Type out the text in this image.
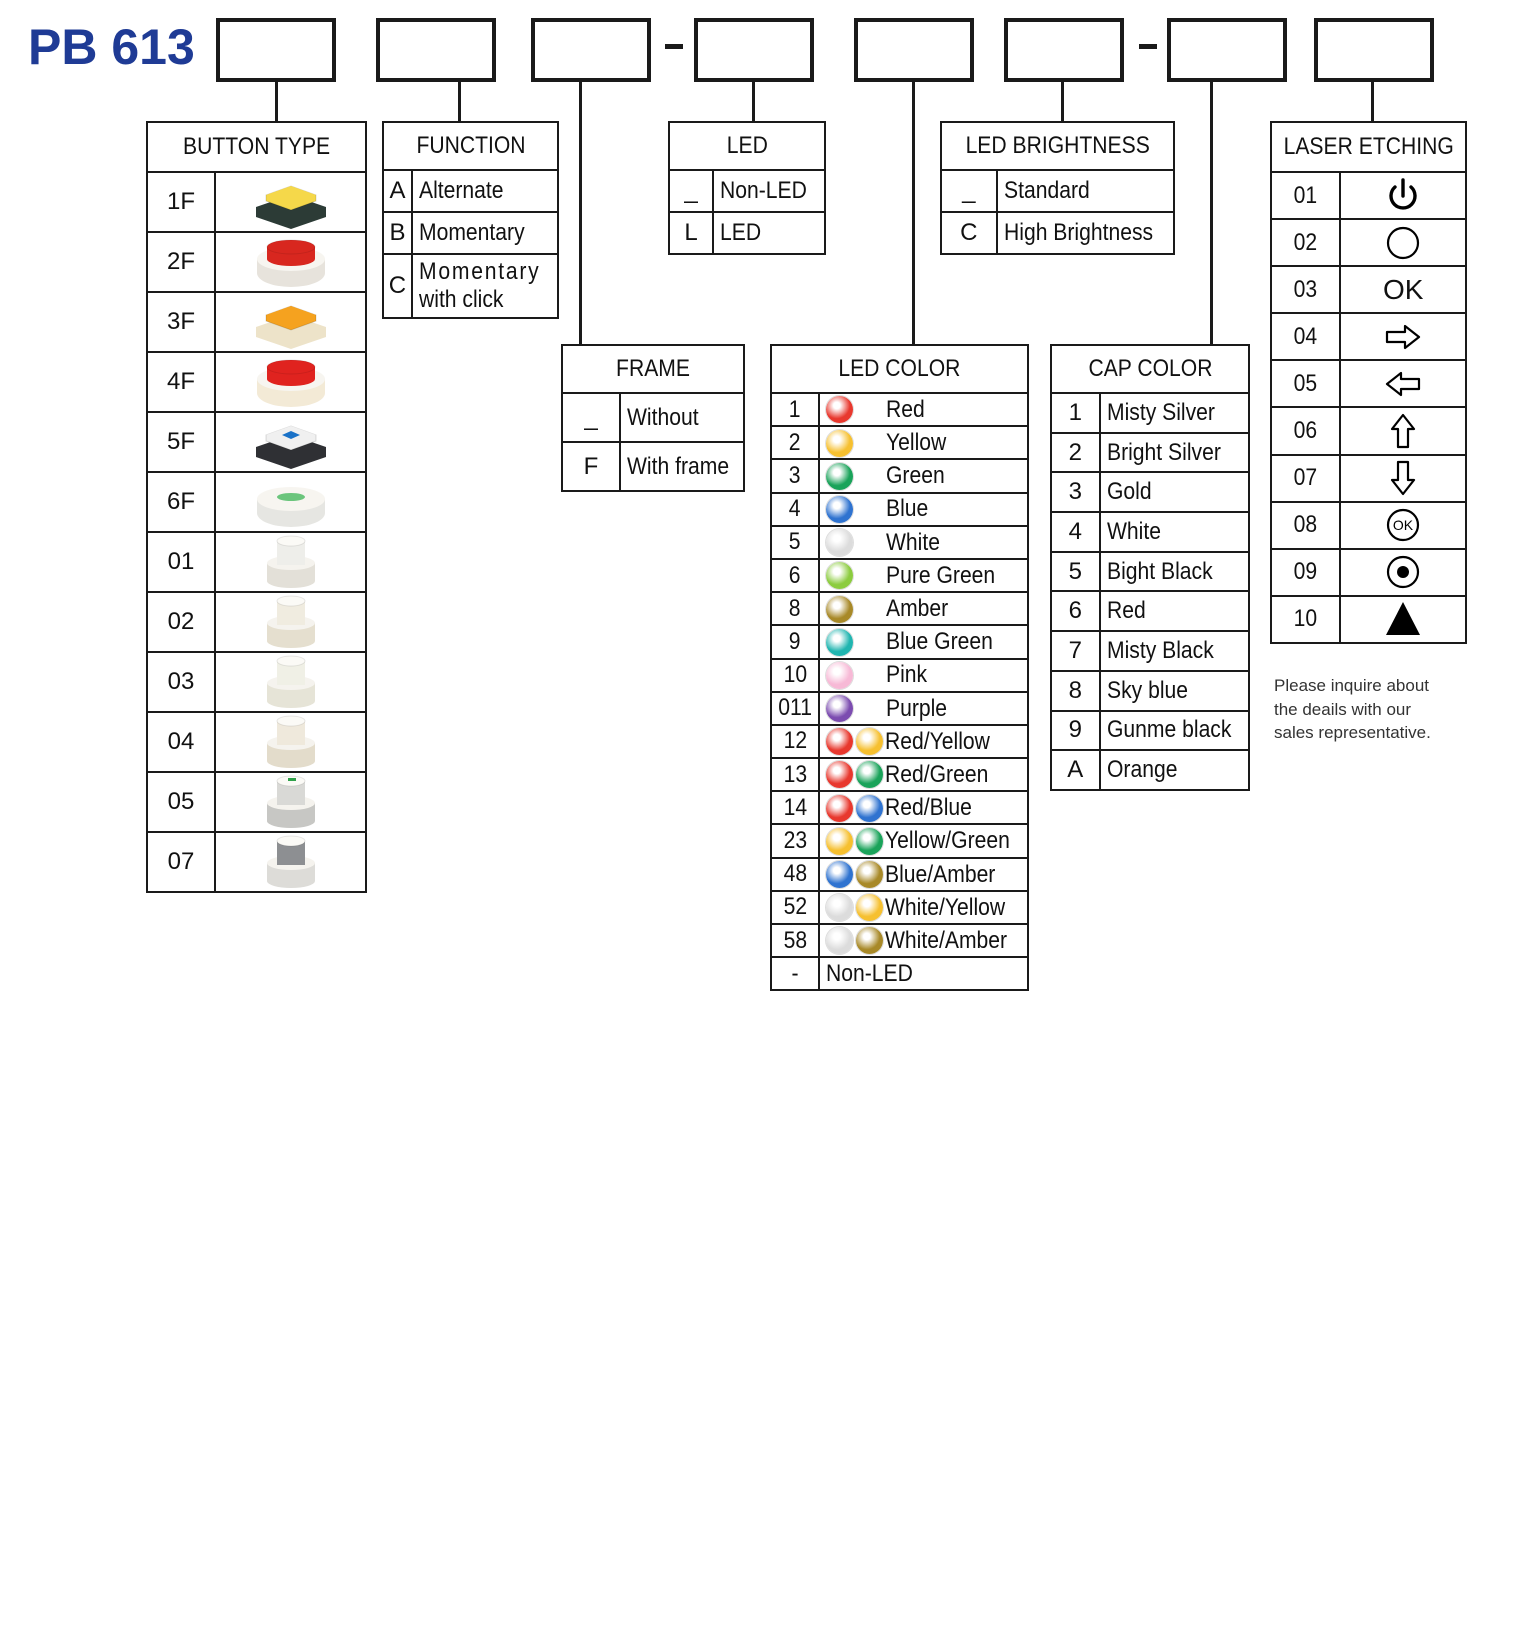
PB 613
BUTTON TYPE	
1F	

2F	

3F	

4F	

5F	

6F	

01	

02	

03	

04	

05	

07	
FUNCTION	
A	Alternate
B	Momentary
C	Momentary
with click
FRAME	
_	Without
F	With frame
LED	
_	Non-LED
L	LED
LED COLOR	
1	Red
2	Yellow
3	Green
4	Blue
5	White
6	Pure Green
8	Amber
9	Blue Green
10	Pink
011	Purple
12	Red/Yellow
13	Red/Green
14	Red/Blue
23	Yellow/Green
48	Blue/Amber
52	White/Yellow
58	White/Amber
-	Non-LED
LED BRIGHTNESS	
_	Standard
C	High Brightness
CAP COLOR	
1	Misty Silver
2	Bright Silver
3	Gold
4	White
5	Bight Black
6	Red
7	Misty Black
8	Sky blue
9	Gunme black
A	Orange
LASER ETCHING	
01	

02	

03	OK

04	

05	

06	

07	

08	OK

09	

10	
Please inquire about the deails with our sales representative.
